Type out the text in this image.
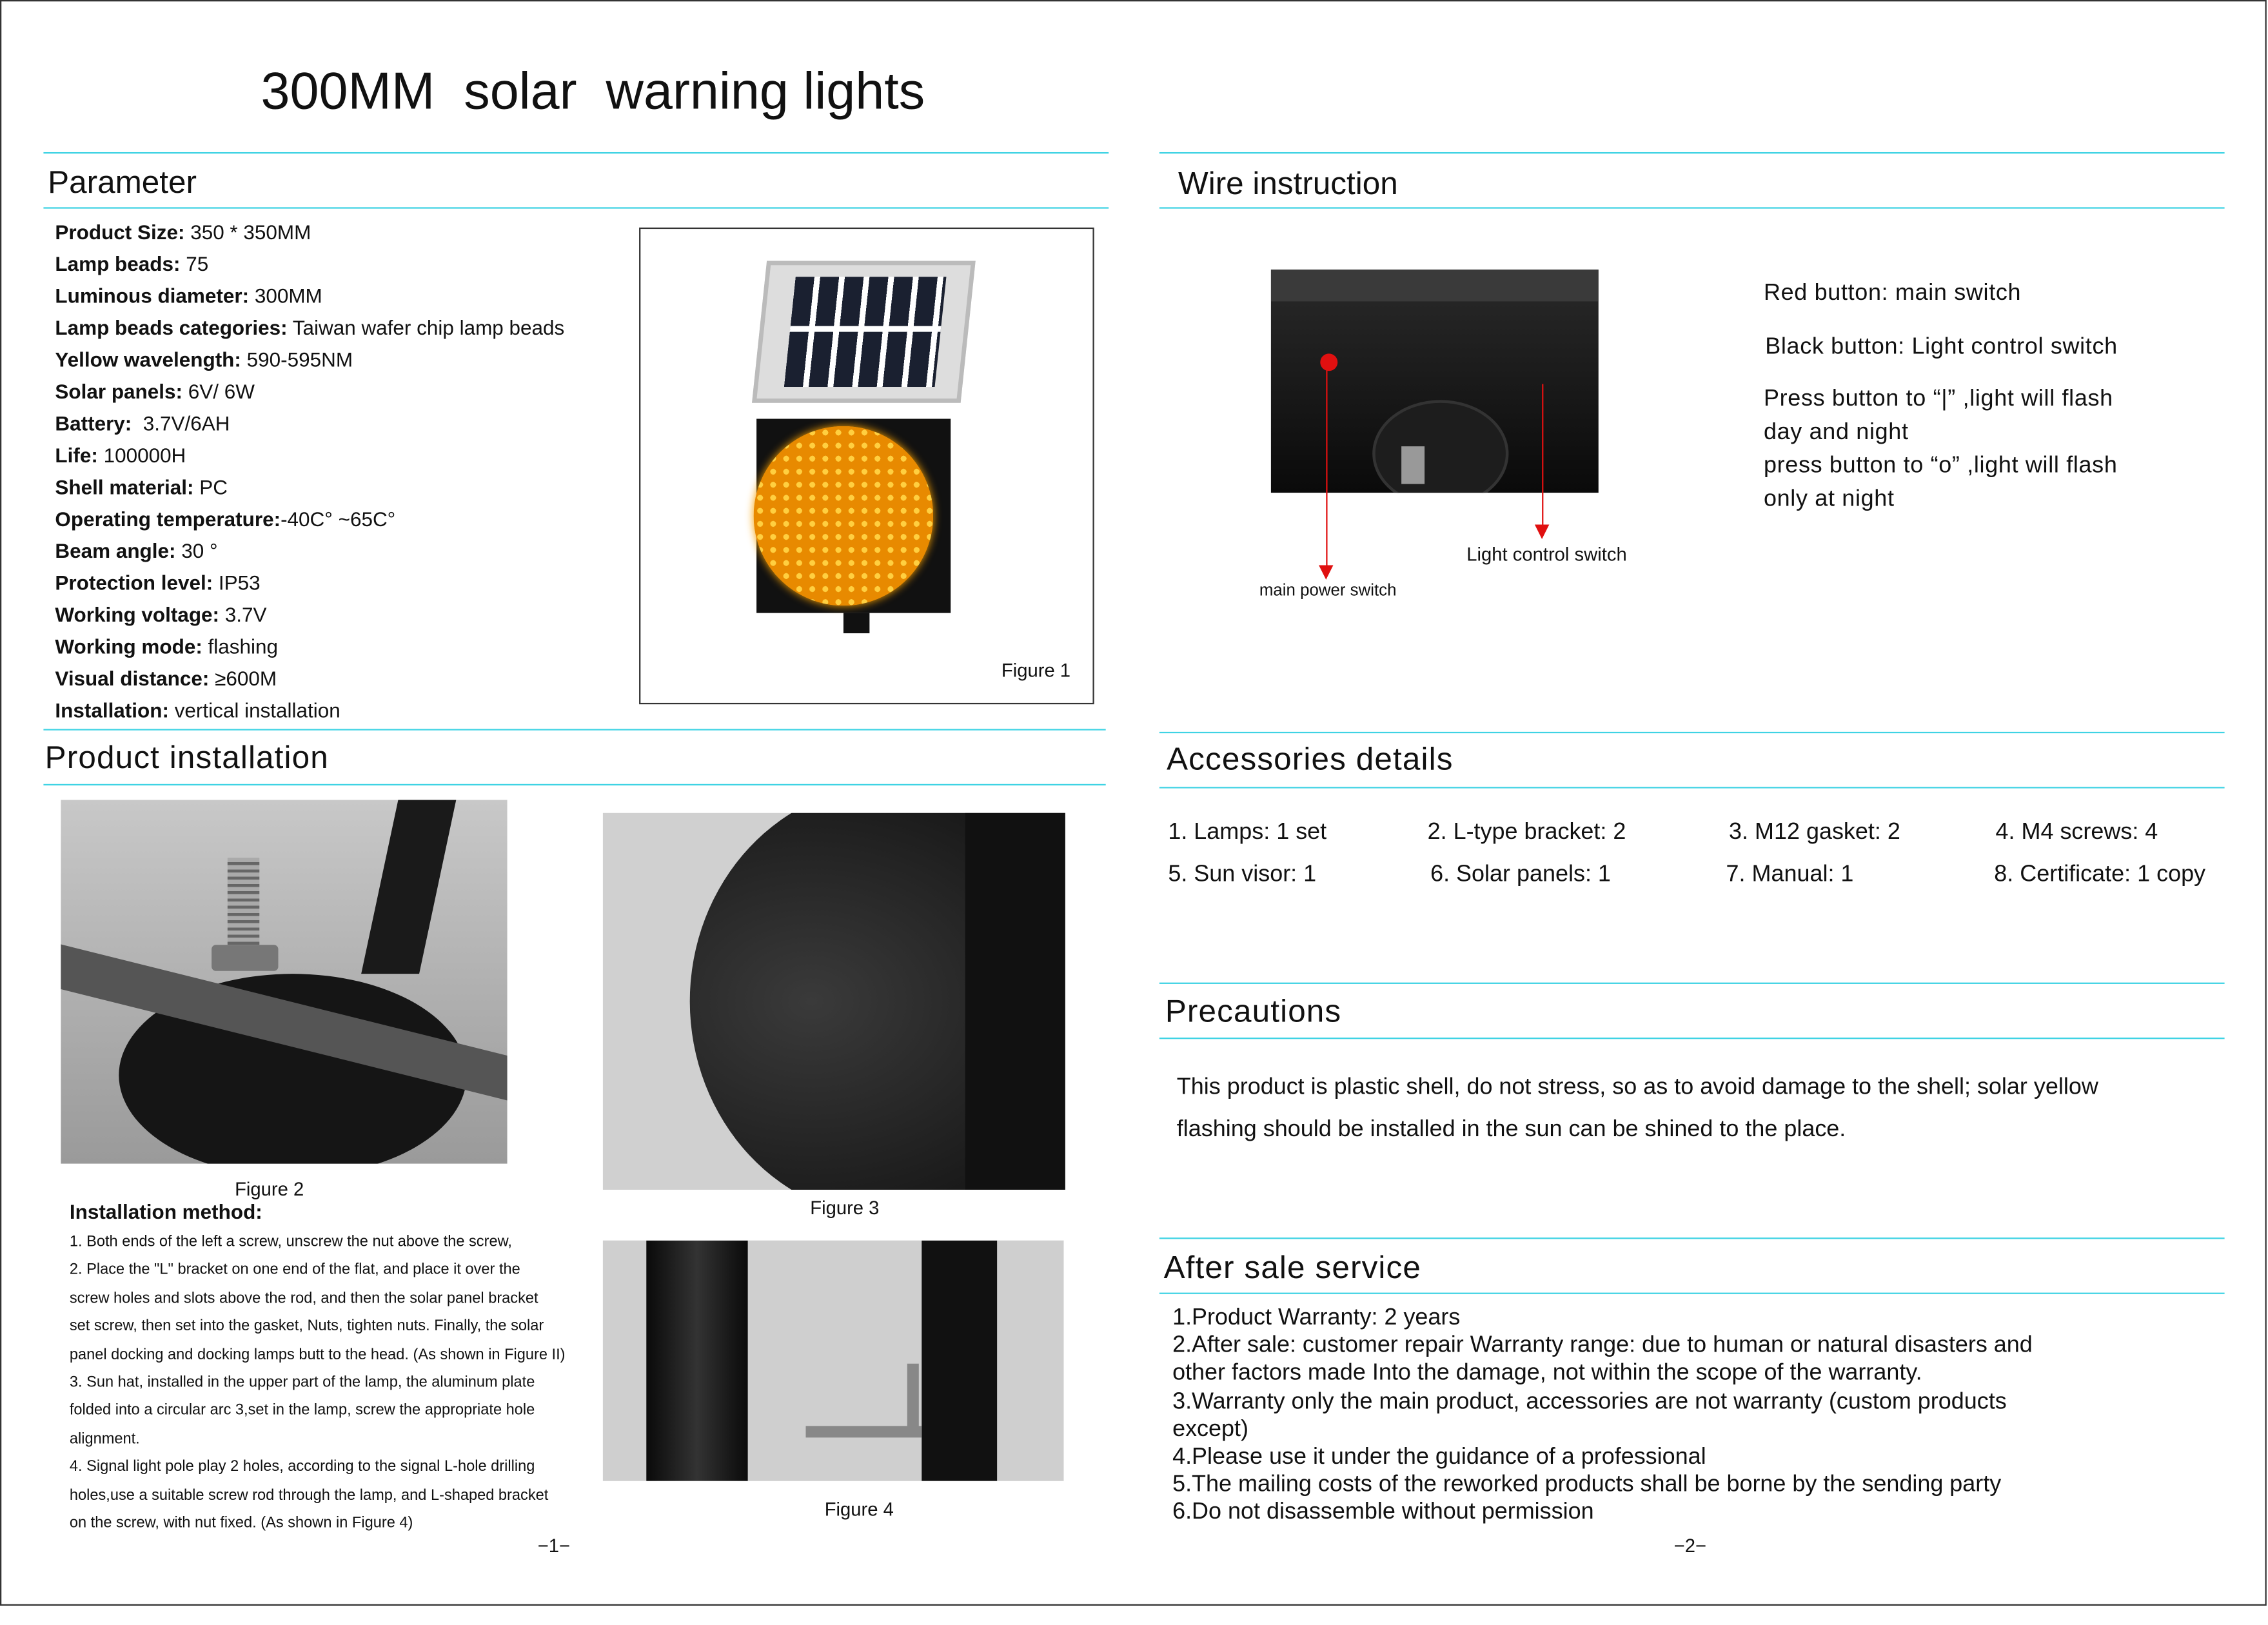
300MM  solar  warning lights
Parameter
Product Size: 350 * 350MM
Lamp beads: 75
Luminous diameter: 300MM
Lamp beads categories: Taiwan wafer chip lamp beads
Yellow wavelength: 590-595NM
Solar panels: 6V/ 6W
Battery:  3.7V/6AH
Life: 100000H
Shell material: PC
Operating temperature:-40C° ~65C°
Beam angle: 30 °
Protection level: IP53
Working voltage: 3.7V
Working mode: flashing
Visual distance: ≥600M
Installation: vertical installation
Figure 1
Wire instruction
main power switch
Light control switch
Red button: main switch
Black button: Light control switch
Press button to “|” ,light will flash
day and night
press button to “o” ,light will flash
only at night
Product installation
Figure 2
Figure 3
Figure 4
Installation method:
1. Both ends of the left a screw, unscrew the nut above the screw,
2. Place the "L" bracket on one end of the flat, and place it over the
screw holes and slots above the rod, and then the solar panel bracket
set screw, then set into the gasket, Nuts, tighten nuts. Finally, the solar
panel docking and docking lamps butt to the head. (As shown in Figure II)
3. Sun hat, installed in the upper part of the lamp, the aluminum plate
folded into a circular arc 3,set in the lamp, screw the appropriate hole
alignment.
4. Signal light pole play 2 holes, according to the signal L-hole drilling
holes,use a suitable screw rod through the lamp, and L-shaped bracket
on the screw, with nut fixed. (As shown in Figure 4)
−1−
Accessories details
1. Lamps: 1 set	2. L-type bracket: 2	3. M12 gasket: 2	4. M4 screws: 4
5. Sun visor: 1	6. Solar panels: 1	7. Manual: 1	8. Certificate: 1 copy
Precautions
This product is plastic shell, do not stress, so as to avoid damage to the shell; solar yellow
flashing should be installed in the sun can be shined to the place.
After sale service
1.Product Warranty: 2 years
2.After sale: customer repair Warranty range: due to human or natural disasters and
other factors made Into the damage, not within the scope of the warranty.
3.Warranty only the main product, accessories are not warranty (custom products
except)
4.Please use it under the guidance of a professional
5.The mailing costs of the reworked products shall be borne by the sending party
6.Do not disassemble without permission
−2−
